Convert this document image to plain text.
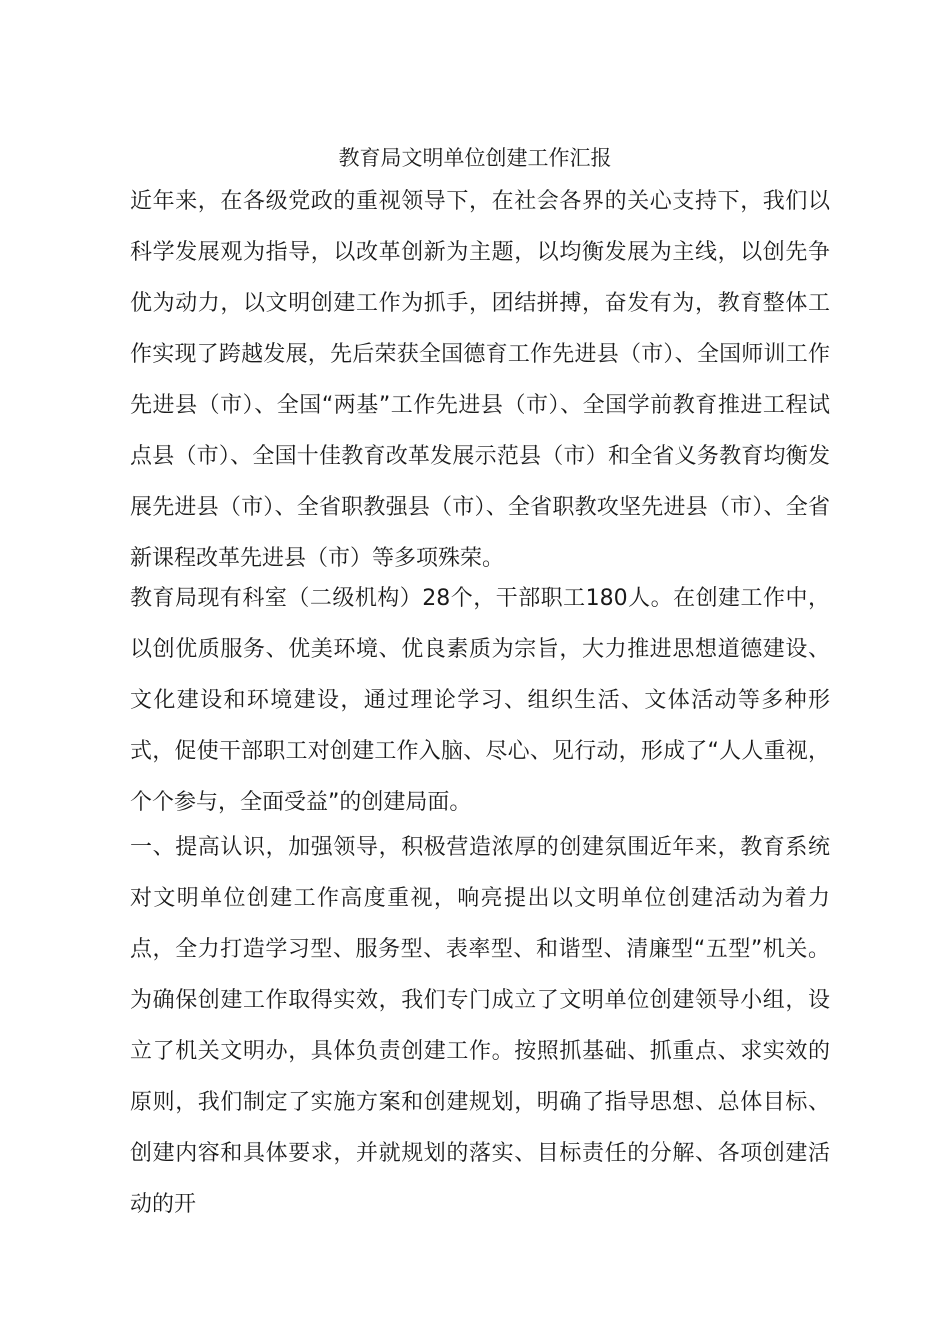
教育局文明单位创建工作汇报

近年来，在各级党政的重视领导下，在社会各界的关心支持下，我们以科学发展观为指导，以改革创新为主题，以均衡发展为主线，以创先争优为动力，以文明创建工作为抓手，团结拼搏，奋发有为，教育整体工作实现了跨越发展，先后荣获全国德育工作先进县（市）、全国师训工作先进县（市）、全国“两基”工作先进县（市）、全国学前教育推进工程试点县（市）、全国十佳教育改革发展示范县（市）和全省义务教育均衡发展先进县（市）、全省职教强县（市）、全省职教攻坚先进县（市）、全省新课程改革先进县（市）等多项殊荣。

教育局现有科室（二级机构）28个，干部职工180人。在创建工作中，以创优质服务、优美环境、优良素质为宗旨，大力推进思想道德建设、文化建设和环境建设，通过理论学习、组织生活、文体活动等多种形式，促使干部职工对创建工作入脑、尽心、见行动，形成了“人人重视，个个参与，全面受益”的创建局面。

一、提高认识，加强领导，积极营造浓厚的创建氛围近年来，教育系统对文明单位创建工作高度重视，响亮提出以文明单位创建活动为着力点，全力打造学习型、服务型、表率型、和谐型、清廉型“五型”机关。为确保创建工作取得实效，我们专门成立了文明单位创建领导小组，设立了机关文明办，具体负责创建工作。按照抓基础、抓重点、求实效的原则，我们制定了实施方案和创建规划，明确了指导思想、总体目标、创建内容和具体要求，并就规划的落实、目标责任的分解、各项创建活动的开
